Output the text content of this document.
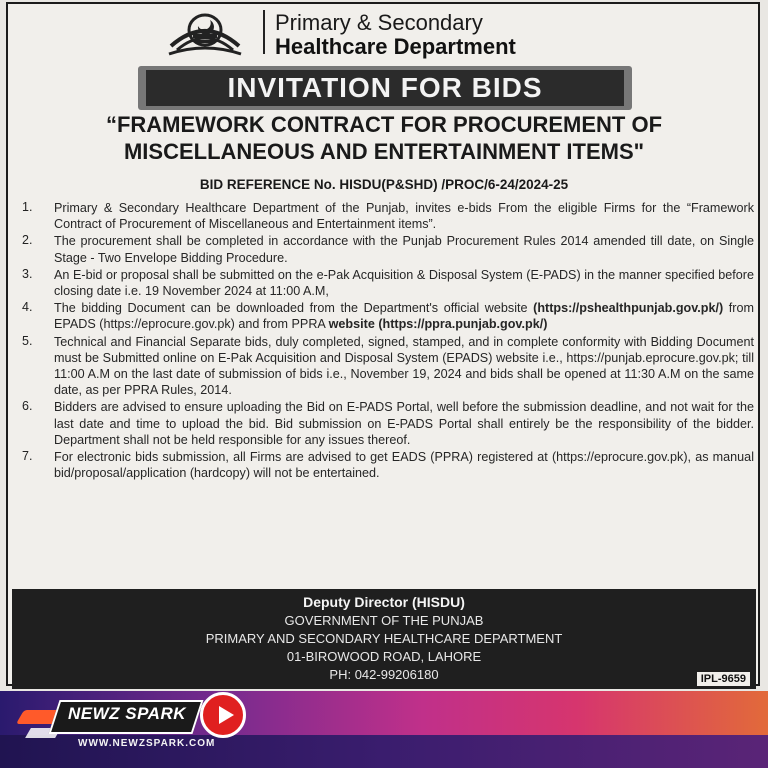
Primary & Secondary
Healthcare Department
INVITATION FOR BIDS
“FRAMEWORK CONTRACT FOR PROCUREMENT OF
MISCELLANEOUS AND ENTERTAINMENT ITEMS"
BID REFERENCE No. HISDU(P&SHD) /PROC/6-24/2024-25
1. Primary & Secondary Healthcare Department of the Punjab, invites e-bids From the eligible Firms for the “Framework Contract of Procurement of Miscellaneous and Entertainment items”.
2. The procurement shall be completed in accordance with the Punjab Procurement Rules 2014 amended till date, on Single Stage - Two Envelope Bidding Procedure.
3. An E-bid or proposal shall be submitted on the e-Pak Acquisition & Disposal System (E-PADS) in the manner specified before closing date i.e. 19 November 2024 at 11:00 A.M,
4. The bidding Document can be downloaded from the Department's official website (https://pshealthpunjab.gov.pk/) from EPADS (https://eprocure.gov.pk) and from PPRA website (https://ppra.punjab.gov.pk/)
5. Technical and Financial Separate bids, duly completed, signed, stamped, and in complete conformity with Bidding Document must be Submitted online on E-Pak Acquisition and Disposal System (EPADS) website i.e., https://punjab.eprocure.gov.pk; till 11:00 A.M on the last date of submission of bids i.e., November 19, 2024 and bids shall be opened at 11:30 A.M on the same date, as per PPRA Rules, 2014.
6. Bidders are advised to ensure uploading the Bid on E-PADS Portal, well before the submission deadline, and not wait for the last date and time to upload the bid. Bid submission on E-PADS Portal shall entirely be the responsibility of the bidder. Department shall not be held responsible for any issues thereof.
7. For electronic bids submission, all Firms are advised to get EADS (PPRA) registered at (https://eprocure.gov.pk), as manual bid/proposal/application (hardcopy) will not be entertained.
Deputy Director (HISDU)
GOVERNMENT OF THE PUNJAB
PRIMARY AND SECONDARY HEALTHCARE DEPARTMENT
01-BIROWOOD ROAD, LAHORE
PH: 042-99206180	IPL-9659
NEWZ SPARK
WWW.NEWZSPARK.COM
